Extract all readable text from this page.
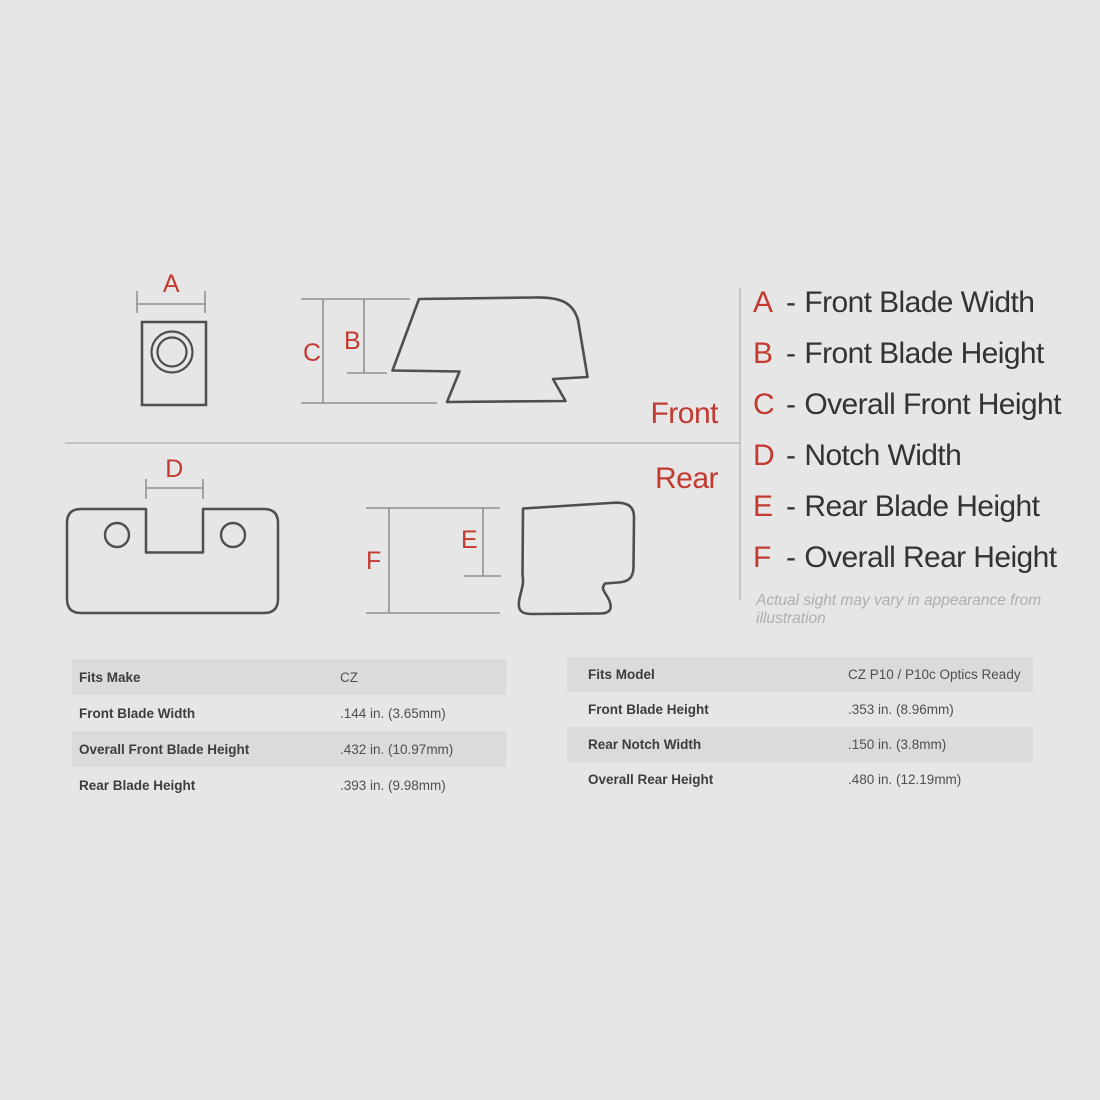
A
B
C
D
E
F
Front
Rear
A - Front Blade Width
B - Front Blade Height
C - Overall Front Height
D - Notch Width
E - Rear Blade Height
F - Overall Rear Height
Actual sight may vary in appearance from illustration
Fits Make	CZ
Front Blade Width	.144 in. (3.65mm)
Overall Front Blade Height	.432 in. (10.97mm)
Rear Blade Height	.393 in. (9.98mm)
Fits Model	CZ P10 / P10c Optics Ready
Front Blade Height	.353 in. (8.96mm)
Rear Notch Width	.150 in. (3.8mm)
Overall Rear Height	.480 in. (12.19mm)
